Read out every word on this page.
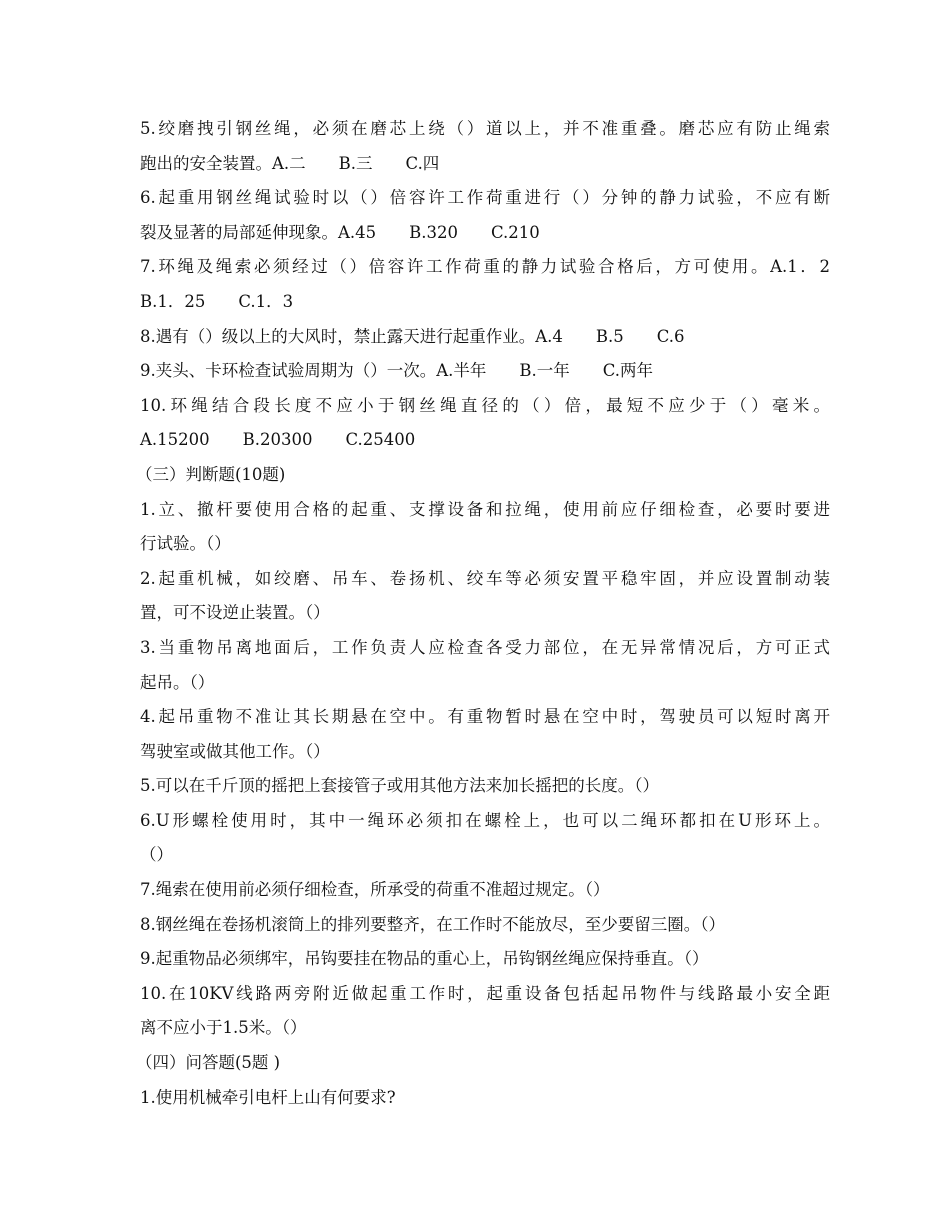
5.绞磨拽引钢丝绳，必须在磨芯上绕（）道以上，并不准重叠。磨芯应有防止绳索
跑出的安全装置。A.二　　B.三　　C.四
6.起重用钢丝绳试验时以（）倍容许工作荷重进行（）分钟的静力试验，不应有断
裂及显著的局部延伸现象。A.45　　B.320　　C.210
7.环绳及绳索必须经过（）倍容许工作荷重的静力试验合格后，方可使用。A.1．2
B.1．25　　C.1．3
8.遇有（）级以上的大风时，禁止露天进行起重作业。A.4　　B.5　　C.6
9.夹头、卡环检查试验周期为（）一次。A.半年　　B.一年　　C.两年
10.环绳结合段长度不应小于钢丝绳直径的（）倍，最短不应少于（）毫米。
A.15200　　B.20300　　C.25400
（三）判断题(10题)
1.立、撤杆要使用合格的起重、支撑设备和拉绳，使用前应仔细检查，必要时要进
行试验。（）
2.起重机械，如绞磨、吊车、卷扬机、绞车等必须安置平稳牢固，并应设置制动装
置，可不设逆止装置。（）
3.当重物吊离地面后，工作负责人应检查各受力部位，在无异常情况后，方可正式
起吊。（）
4.起吊重物不准让其长期悬在空中。有重物暂时悬在空中时，驾驶员可以短时离开
驾驶室或做其他工作。（）
5.可以在千斤顶的摇把上套接管子或用其他方法来加长摇把的长度。（）
6.U形螺栓使用时，其中一绳环必须扣在螺栓上，也可以二绳环都扣在U形环上。
（）
7.绳索在使用前必须仔细检查，所承受的荷重不准超过规定。（）
8.钢丝绳在卷扬机滚筒上的排列要整齐，在工作时不能放尽，至少要留三圈。（）
9.起重物品必须绑牢，吊钩要挂在物品的重心上，吊钩钢丝绳应保持垂直。（）
10.在10KV线路两旁附近做起重工作时，起重设备包括起吊物件与线路最小安全距
离不应小于1.5米。（）
（四）问答题(5题 )
1.使用机械牵引电杆上山有何要求?
